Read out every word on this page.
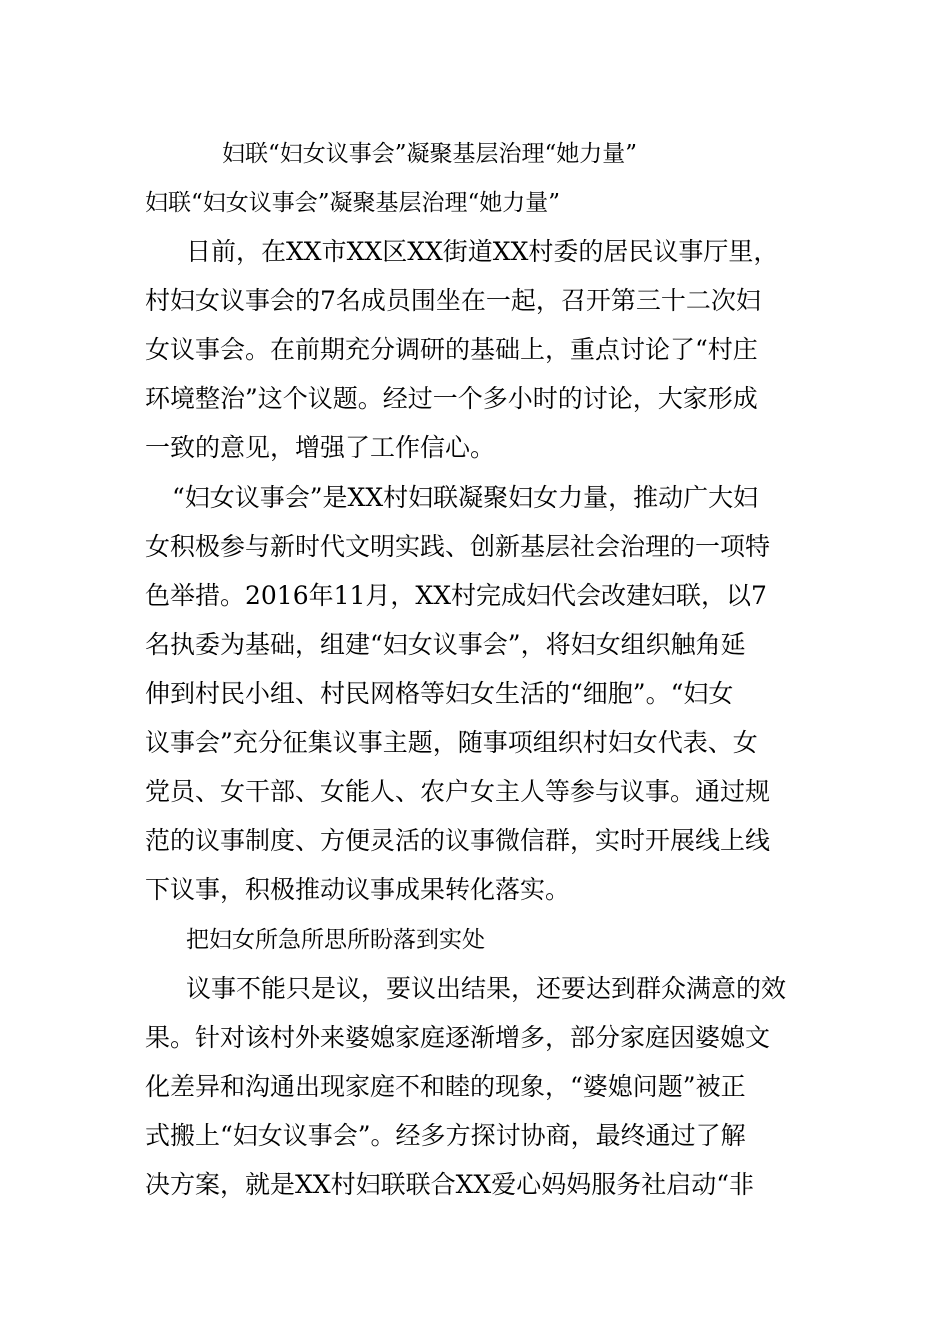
妇联“妇女议事会”凝聚基层治理“她力量”
妇联“妇女议事会”凝聚基层治理“她力量”
日前，在XX市XX区XX街道XX村委的居民议事厅里，
村妇女议事会的7名成员围坐在一起，召开第三十二次妇
女议事会。在前期充分调研的基础上，重点讨论了“村庄
环境整治”这个议题。经过一个多小时的讨论，大家形成
一致的意见，增强了工作信心。
“妇女议事会”是XX村妇联凝聚妇女力量，推动广大妇
女积极参与新时代文明实践、创新基层社会治理的一项特
色举措。2016年11月，XX村完成妇代会改建妇联，以7
名执委为基础，组建“妇女议事会”，将妇女组织触角延
伸到村民小组、村民网格等妇女生活的“细胞”。“妇女
议事会”充分征集议事主题，随事项组织村妇女代表、女
党员、女干部、女能人、农户女主人等参与议事。通过规
范的议事制度、方便灵活的议事微信群，实时开展线上线
下议事，积极推动议事成果转化落实。
把妇女所急所思所盼落到实处
议事不能只是议，要议出结果，还要达到群众满意的效
果。针对该村外来婆媳家庭逐渐增多，部分家庭因婆媳文
化差异和沟通出现家庭不和睦的现象，“婆媳问题”被正
式搬上“妇女议事会”。经多方探讨协商，最终通过了解
决方案，就是XX村妇联联合XX爱心妈妈服务社启动“非
